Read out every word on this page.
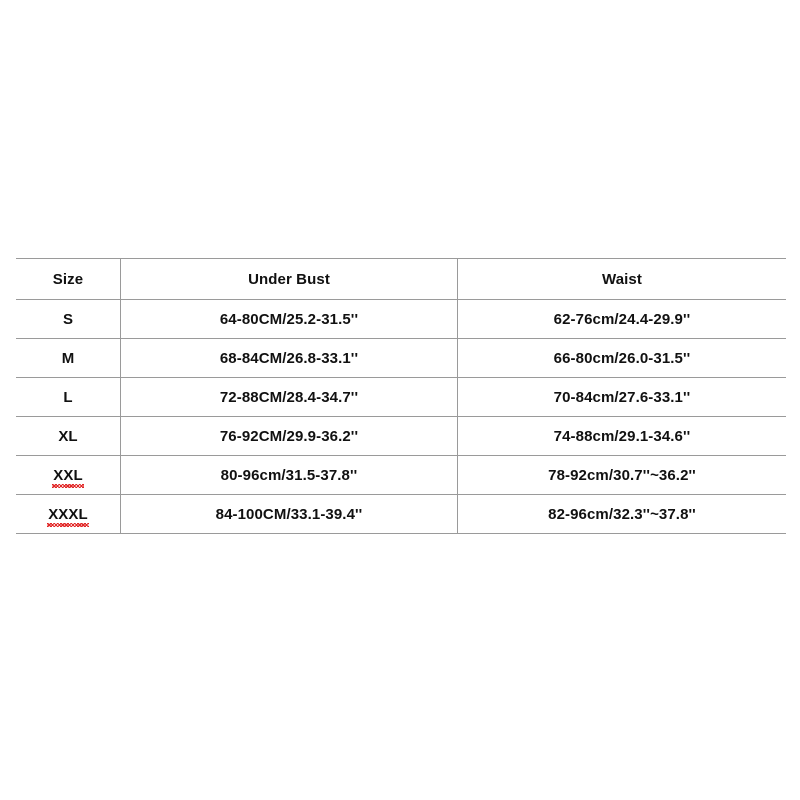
Size	Under Bust	Waist
S	64-80CM/25.2-31.5''	62-76cm/24.4-29.9''
M	68-84CM/26.8-33.1''	66-80cm/26.0-31.5''
L	72-88CM/28.4-34.7''	70-84cm/27.6-33.1''
XL	76-92CM/29.9-36.2''	74-88cm/29.1-34.6''
XXL	80-96cm/31.5-37.8''	78-92cm/30.7''~36.2''
XXXL	84-100CM/33.1-39.4''	82-96cm/32.3''~37.8''
